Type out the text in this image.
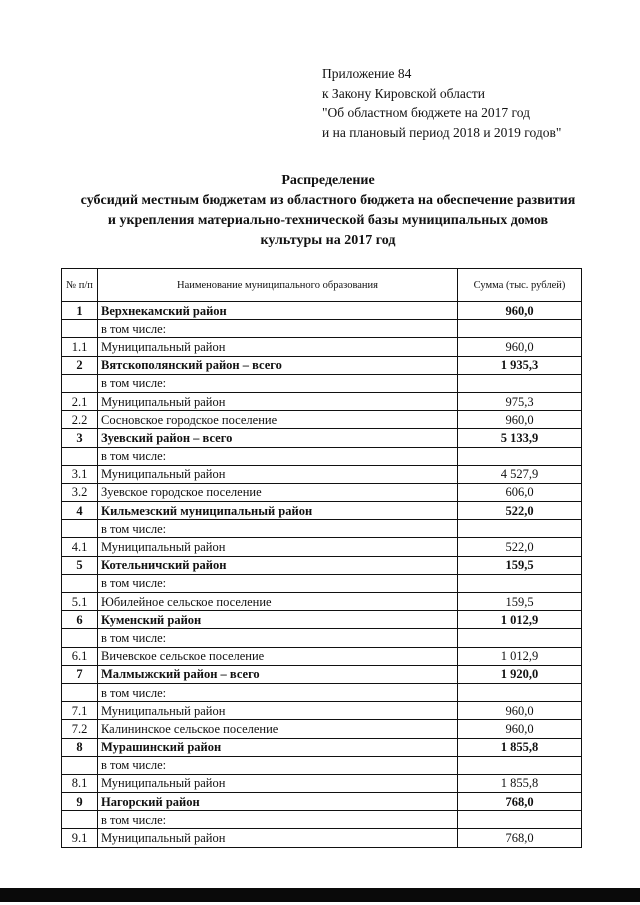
Приложение 84
к Закону Кировской области
"Об областном бюджете на 2017 год
и на плановый период 2018 и 2019 годов"
Распределение
субсидий местным бюджетам из областного бюджета на обеспечение развития
и укрепления материально-технической базы муниципальных домов
культуры на 2017 год
№ п/п	Наименование муниципального образования	Сумма (тыс. рублей)
1	Верхнекамский район	960,0
	в том числе:	
1.1	Муниципальный район	960,0
2	Вятскополянский район – всего	1 935,3
	в том числе:	
2.1	Муниципальный район	975,3
2.2	Сосновское городское поселение	960,0
3	Зуевский район – всего	5 133,9
	в том числе:	
3.1	Муниципальный район	4 527,9
3.2	Зуевское городское поселение	606,0
4	Кильмезский муниципальный район	522,0
	в том числе:	
4.1	Муниципальный район	522,0
5	Котельничский район	159,5
	в том числе:	
5.1	Юбилейное сельское поселение	159,5
6	Куменский район	1 012,9
	в том числе:	
6.1	Вичевское сельское поселение	1 012,9
7	Малмыжский район – всего	1 920,0
	в том числе:	
7.1	Муниципальный район	960,0
7.2	Калининское сельское поселение	960,0
8	Мурашинский район	1 855,8
	в том числе:	
8.1	Муниципальный район	1 855,8
9	Нагорский район	768,0
	в том числе:	
9.1	Муниципальный район	768,0
